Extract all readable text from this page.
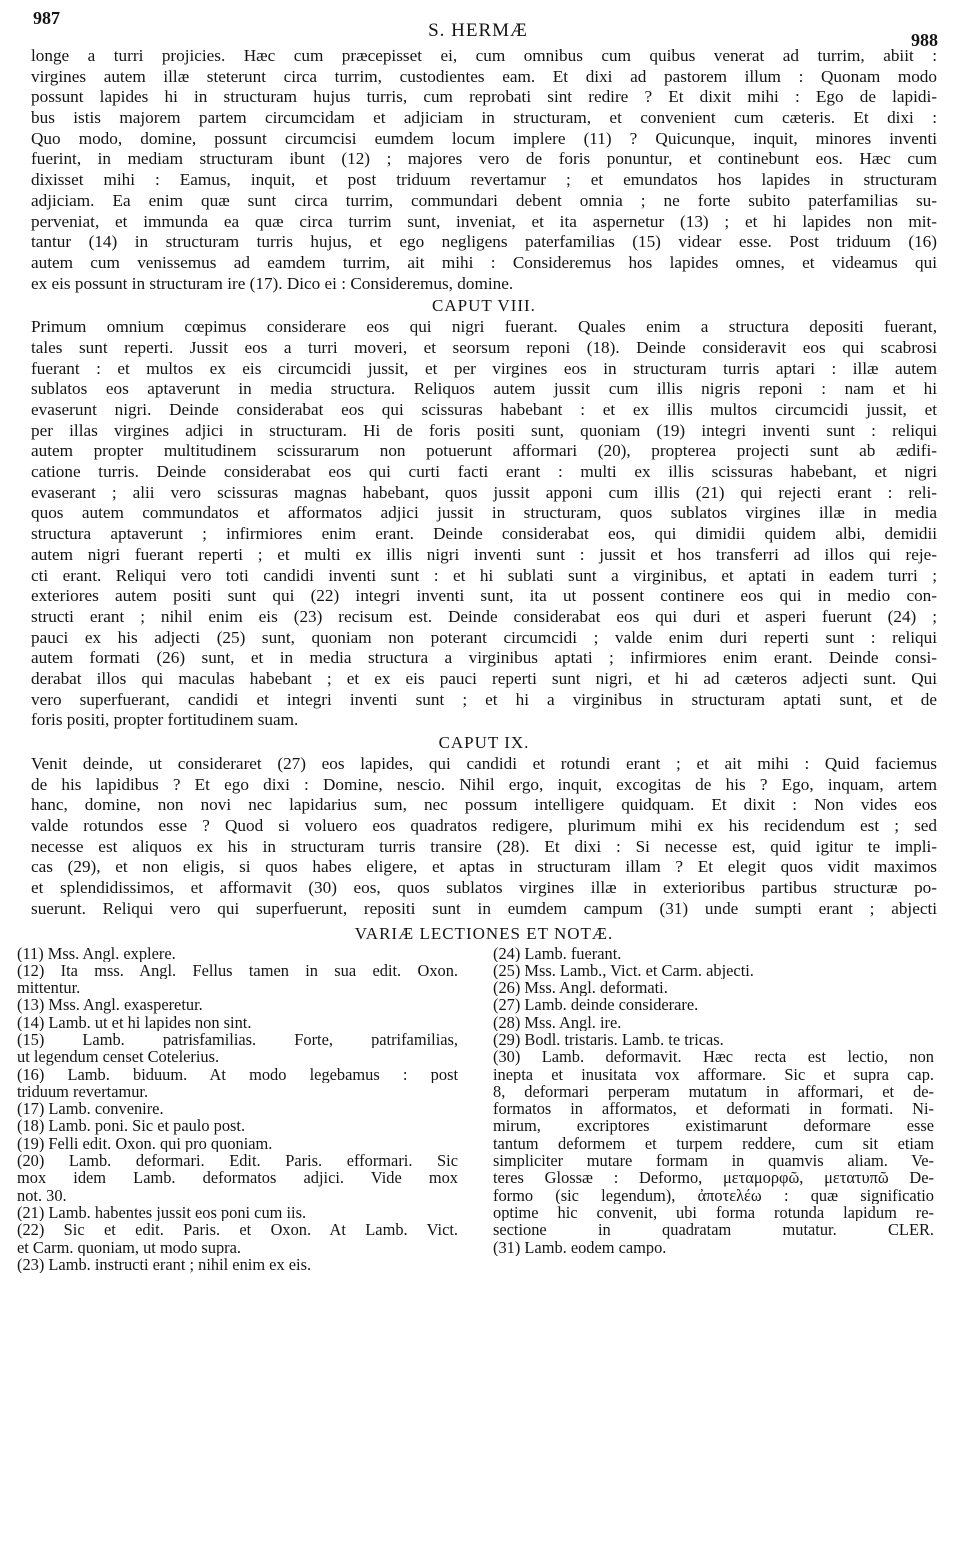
987
S. HERMÆ	988
longe a turri projicies. Hæc cum præcepisset ei, cum omnibus cum quibus venerat ad turrim, abiit :
virgines autem illæ steterunt circa turrim, custodientes eam. Et dixi ad pastorem illum : Quonam modo
possunt lapides hi in structuram hujus turris, cum reprobati sint redire ? Et dixit mihi : Ego de lapidi-
bus istis majorem partem circumcidam et adjiciam in structuram, et convenient cum cæteris. Et dixi :
Quo modo, domine, possunt circumcisi eumdem locum implere (11) ? Quicunque, inquit, minores inventi
fuerint, in mediam structuram ibunt (12) ; majores vero de foris ponuntur, et continebunt eos. Hæc cum
dixisset mihi : Eamus, inquit, et post triduum revertamur ; et emundatos hos lapides in structuram
adjiciam. Ea enim quæ sunt circa turrim, commundari debent omnia ; ne forte subito paterfamilias su-
perveniat, et immunda ea quæ circa turrim sunt, inveniat, et ita aspernetur (13) ; et hi lapides non mit-
tantur (14) in structuram turris hujus, et ego negligens paterfamilias (15) videar esse. Post triduum (16)
autem cum venissemus ad eamdem turrim, ait mihi : Consideremus hos lapides omnes, et videamus qui
ex eis possunt in structuram ire (17). Dico ei : Consideremus, domine.
CAPUT VIII.
Primum omnium cœpimus considerare eos qui nigri fuerant. Quales enim a structura depositi fuerant,
tales sunt reperti. Jussit eos a turri moveri, et seorsum reponi (18). Deinde consideravit eos qui scabrosi
fuerant : et multos ex eis circumcidi jussit, et per virgines eos in structuram turris aptari : illæ autem
sublatos eos aptaverunt in media structura. Reliquos autem jussit cum illis nigris reponi : nam et hi
evaserunt nigri. Deinde considerabat eos qui scissuras habebant : et ex illis multos circumcidi jussit, et
per illas virgines adjici in structuram. Hi de foris positi sunt, quoniam (19) integri inventi sunt : reliqui
autem propter multitudinem scissurarum non potuerunt afformari (20), propterea projecti sunt ab ædifi-
catione turris. Deinde considerabat eos qui curti facti erant : multi ex illis scissuras habebant, et nigri
evaserant ; alii vero scissuras magnas habebant, quos jussit apponi cum illis (21) qui rejecti erant : reli-
quos autem commundatos et afformatos adjici jussit in structuram, quos sublatos virgines illæ in media
structura aptaverunt ; infirmiores enim erant. Deinde considerabat eos, qui dimidii quidem albi, demidii
autem nigri fuerant reperti ; et multi ex illis nigri inventi sunt : jussit et hos transferri ad illos qui reje-
cti erant. Reliqui vero toti candidi inventi sunt : et hi sublati sunt a virginibus, et aptati in eadem turri ;
exteriores autem positi sunt qui (22) integri inventi sunt, ita ut possent continere eos qui in medio con-
structi erant ; nihil enim eis (23) recisum est. Deinde considerabat eos qui duri et asperi fuerunt (24) ;
pauci ex his adjecti (25) sunt, quoniam non poterant circumcidi ; valde enim duri reperti sunt : reliqui
autem formati (26) sunt, et in media structura a virginibus aptati ; infirmiores enim erant. Deinde consi-
derabat illos qui maculas habebant ; et ex eis pauci reperti sunt nigri, et hi ad cæteros adjecti sunt. Qui
vero superfuerant, candidi et integri inventi sunt ; et hi a virginibus in structuram aptati sunt, et de
foris positi, propter fortitudinem suam.
CAPUT IX.
Venit deinde, ut consideraret (27) eos lapides, qui candidi et rotundi erant ; et ait mihi : Quid faciemus
de his lapidibus ? Et ego dixi : Domine, nescio. Nihil ergo, inquit, excogitas de his ? Ego, inquam, artem
hanc, domine, non novi nec lapidarius sum, nec possum intelligere quidquam. Et dixit : Non vides eos
valde rotundos esse ? Quod si voluero eos quadratos redigere, plurimum mihi ex his recidendum est ; sed
necesse est aliquos ex his in structuram turris transire (28). Et dixi : Si necesse est, quid igitur te impli-
cas (29), et non eligis, si quos habes eligere, et aptas in structuram illam ? Et elegit quos vidit maximos
et splendidissimos, et afformavit (30) eos, quos sublatos virgines illæ in exterioribus partibus structuræ po-
suerunt. Reliqui vero qui superfuerunt, repositi sunt in eumdem campum (31) unde sumpti erant ; abjecti
VARIÆ LECTIONES ET NOTÆ.
(11) Mss. Angl. explere.
(12) Ita mss. Angl. Fellus tamen in sua edit. Oxon.
mittentur.
(13) Mss. Angl. exasperetur.
(14) Lamb. ut et hi lapides non sint.
(15) Lamb. patrisfamilias. Forte, patrifamilias,
ut legendum censet Cotelerius.
(16) Lamb. biduum. At modo legebamus : post
triduum revertamur.
(17) Lamb. convenire.
(18) Lamb. poni. Sic et paulo post.
(19) Felli edit. Oxon. qui pro quoniam.
(20) Lamb. deformari. Edit. Paris. efformari. Sic
mox idem Lamb. deformatos adjici. Vide mox
not. 30.
(21) Lamb. habentes jussit eos poni cum iis.
(22) Sic et edit. Paris. et Oxon. At Lamb. Vict.
et Carm. quoniam, ut modo supra.
(23) Lamb. instructi erant ; nihil enim ex eis.
(24) Lamb. fuerant.
(25) Mss. Lamb., Vict. et Carm. abjecti.
(26) Mss. Angl. deformati.
(27) Lamb. deinde considerare.
(28) Mss. Angl. ire.
(29) Bodl. tristaris. Lamb. te tricas.
(30) Lamb. deformavit. Hæc recta est lectio, non
inepta et inusitata vox afformare. Sic et supra cap.
8, deformari perperam mutatum in afformari, et de-
formatos in afformatos, et deformati in formati. Ni-
mirum, excriptores existimarunt deformare esse
tantum deformem et turpem reddere, cum sit etiam
simpliciter mutare formam in quamvis aliam. Ve-
teres Glossæ : Deformo, μεταμορφῶ, μετατυπῶ De-
formo (sic legendum), ἀποτελέω : quæ significatio
optime hic convenit, ubi forma rotunda lapidum re-
sectione in quadratam mutatur. CLER.
(31) Lamb. eodem campo.
